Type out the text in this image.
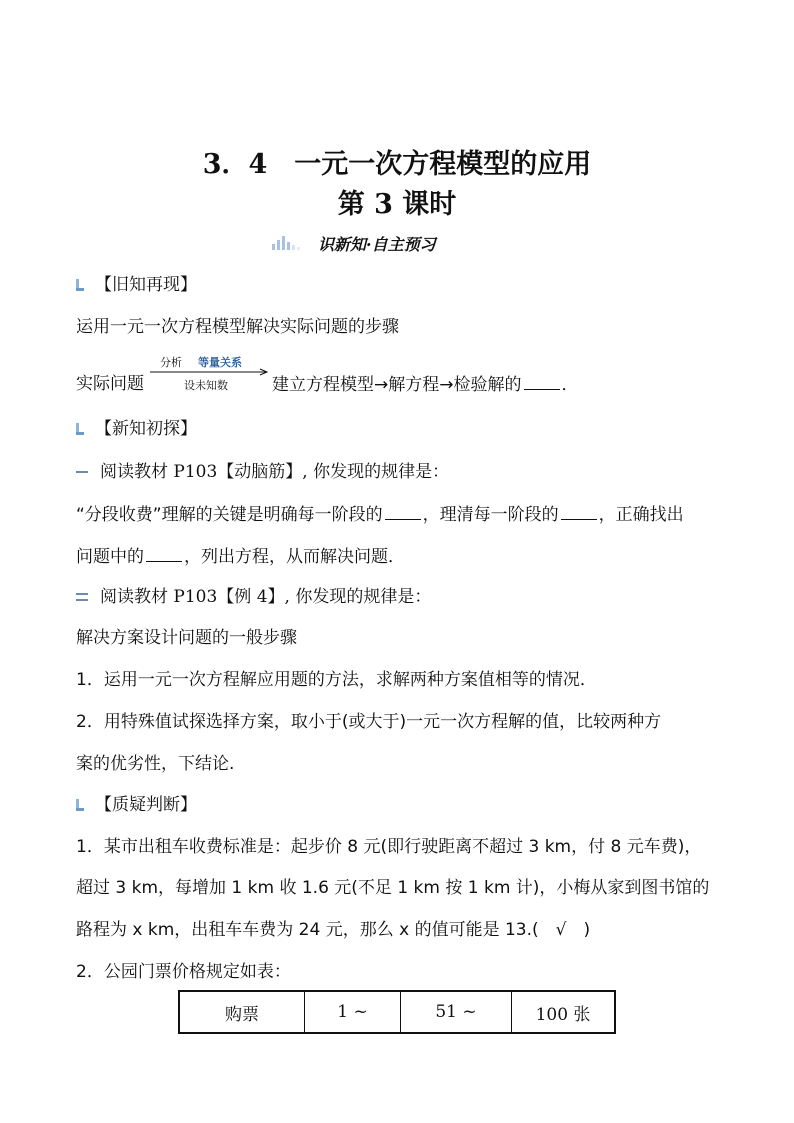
3．4　一元一次方程模型的应用
第 3 课时
识新知·自主预习
【旧知再现】
运用一元一次方程模型解决实际问题的步骤
实际问题
分析 等量关系
设未知数	建立方程模型→解方程→检验解的 ．
【新知初探】
阅读教材 P103【动脑筋】, 你发现的规律是：
“分段收费”理解的关键是明确每一阶段的 ，理清每一阶段的 ，正确找出
问题中的 ，列出方程，从而解决问题．
阅读教材 P103【例 4】, 你发现的规律是：
解决方案设计问题的一般步骤
1．运用一元一次方程解应用题的方法，求解两种方案值相等的情况．
2．用特殊值试探选择方案，取小于(或大于)一元一次方程解的值，比较两种方
案的优劣性，下结论.
【质疑判断】
1．某市出租车收费标准是：起步价 8 元(即行驶距离不超过 3 km，付 8 元车费)，
超过 3 km，每增加 1 km 收 1.6 元(不足 1 km 按 1 km 计)，小梅从家到图书馆的
路程为 x km，出租车车费为 24 元，那么 x 的值可能是 13.(　√　)
2．公园门票价格规定如表：
购票	1 ~	51 ~	100 张
